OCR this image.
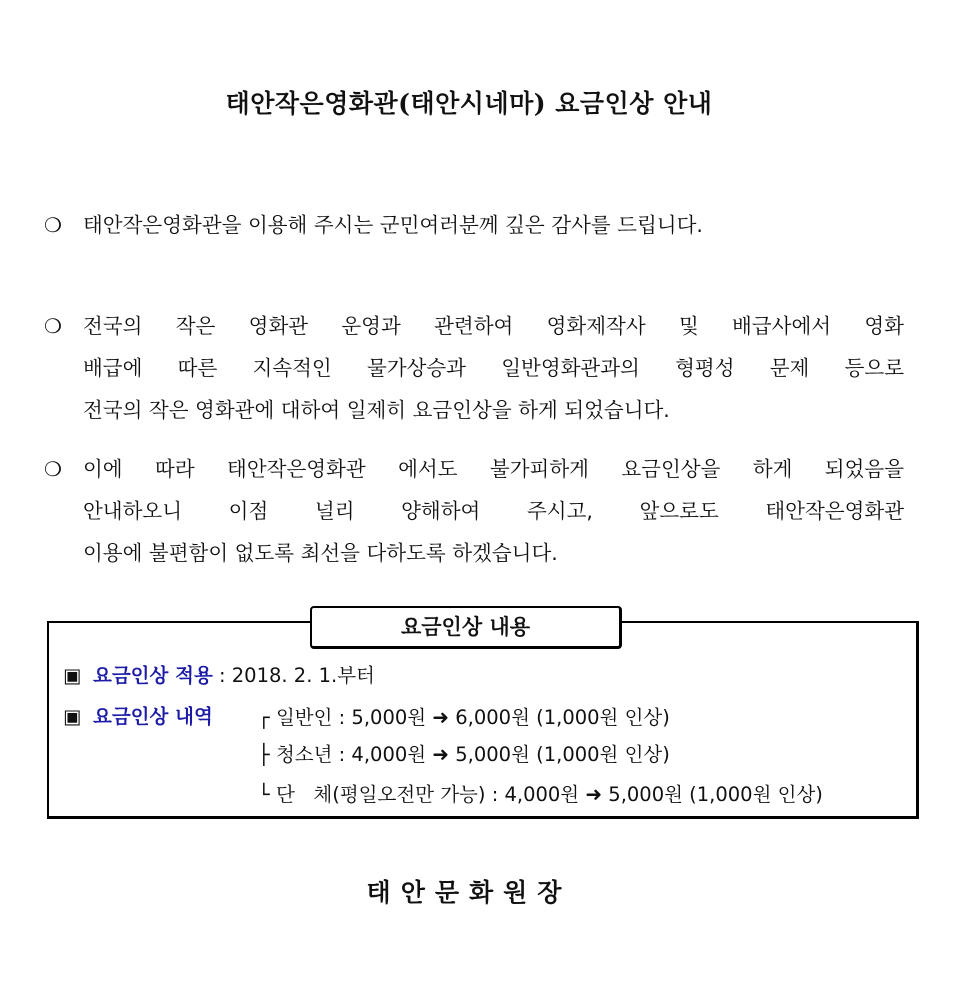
태안작은영화관(태안시네마) 요금인상 안내
❍	태안작은영화관을 이용해 주시는 군민여러분께 깊은 감사를 드립니다.
❍	전국의 작은 영화관 운영과 관련하여 영화제작사 및 배급사에서 영화
배급에 따른 지속적인 물가상승과 일반영화관과의 형평성 문제 등으로
전국의 작은 영화관에 대하여 일제히 요금인상을 하게 되었습니다.
❍	이에 따라 태안작은영화관 에서도 불가피하게 요금인상을 하게 되었음을
안내하오니 이점 널리 양해하여 주시고, 앞으로도 태안작은영화관
이용에 불편함이 없도록 최선을 다하도록 하겠습니다.
요금인상 내용
▣ 요금인상 적용 : 2018. 2. 1.부터
▣ 요금인상 내역 ┌ 일반인 : 5,000원 ➜ 6,000원 (1,000원 인상)
├ 청소년 : 4,000원 ➜ 5,000원 (1,000원 인상)
└ 단   체(평일오전만 가능) : 4,000원 ➜ 5,000원 (1,000원 인상)
태안문화원장
